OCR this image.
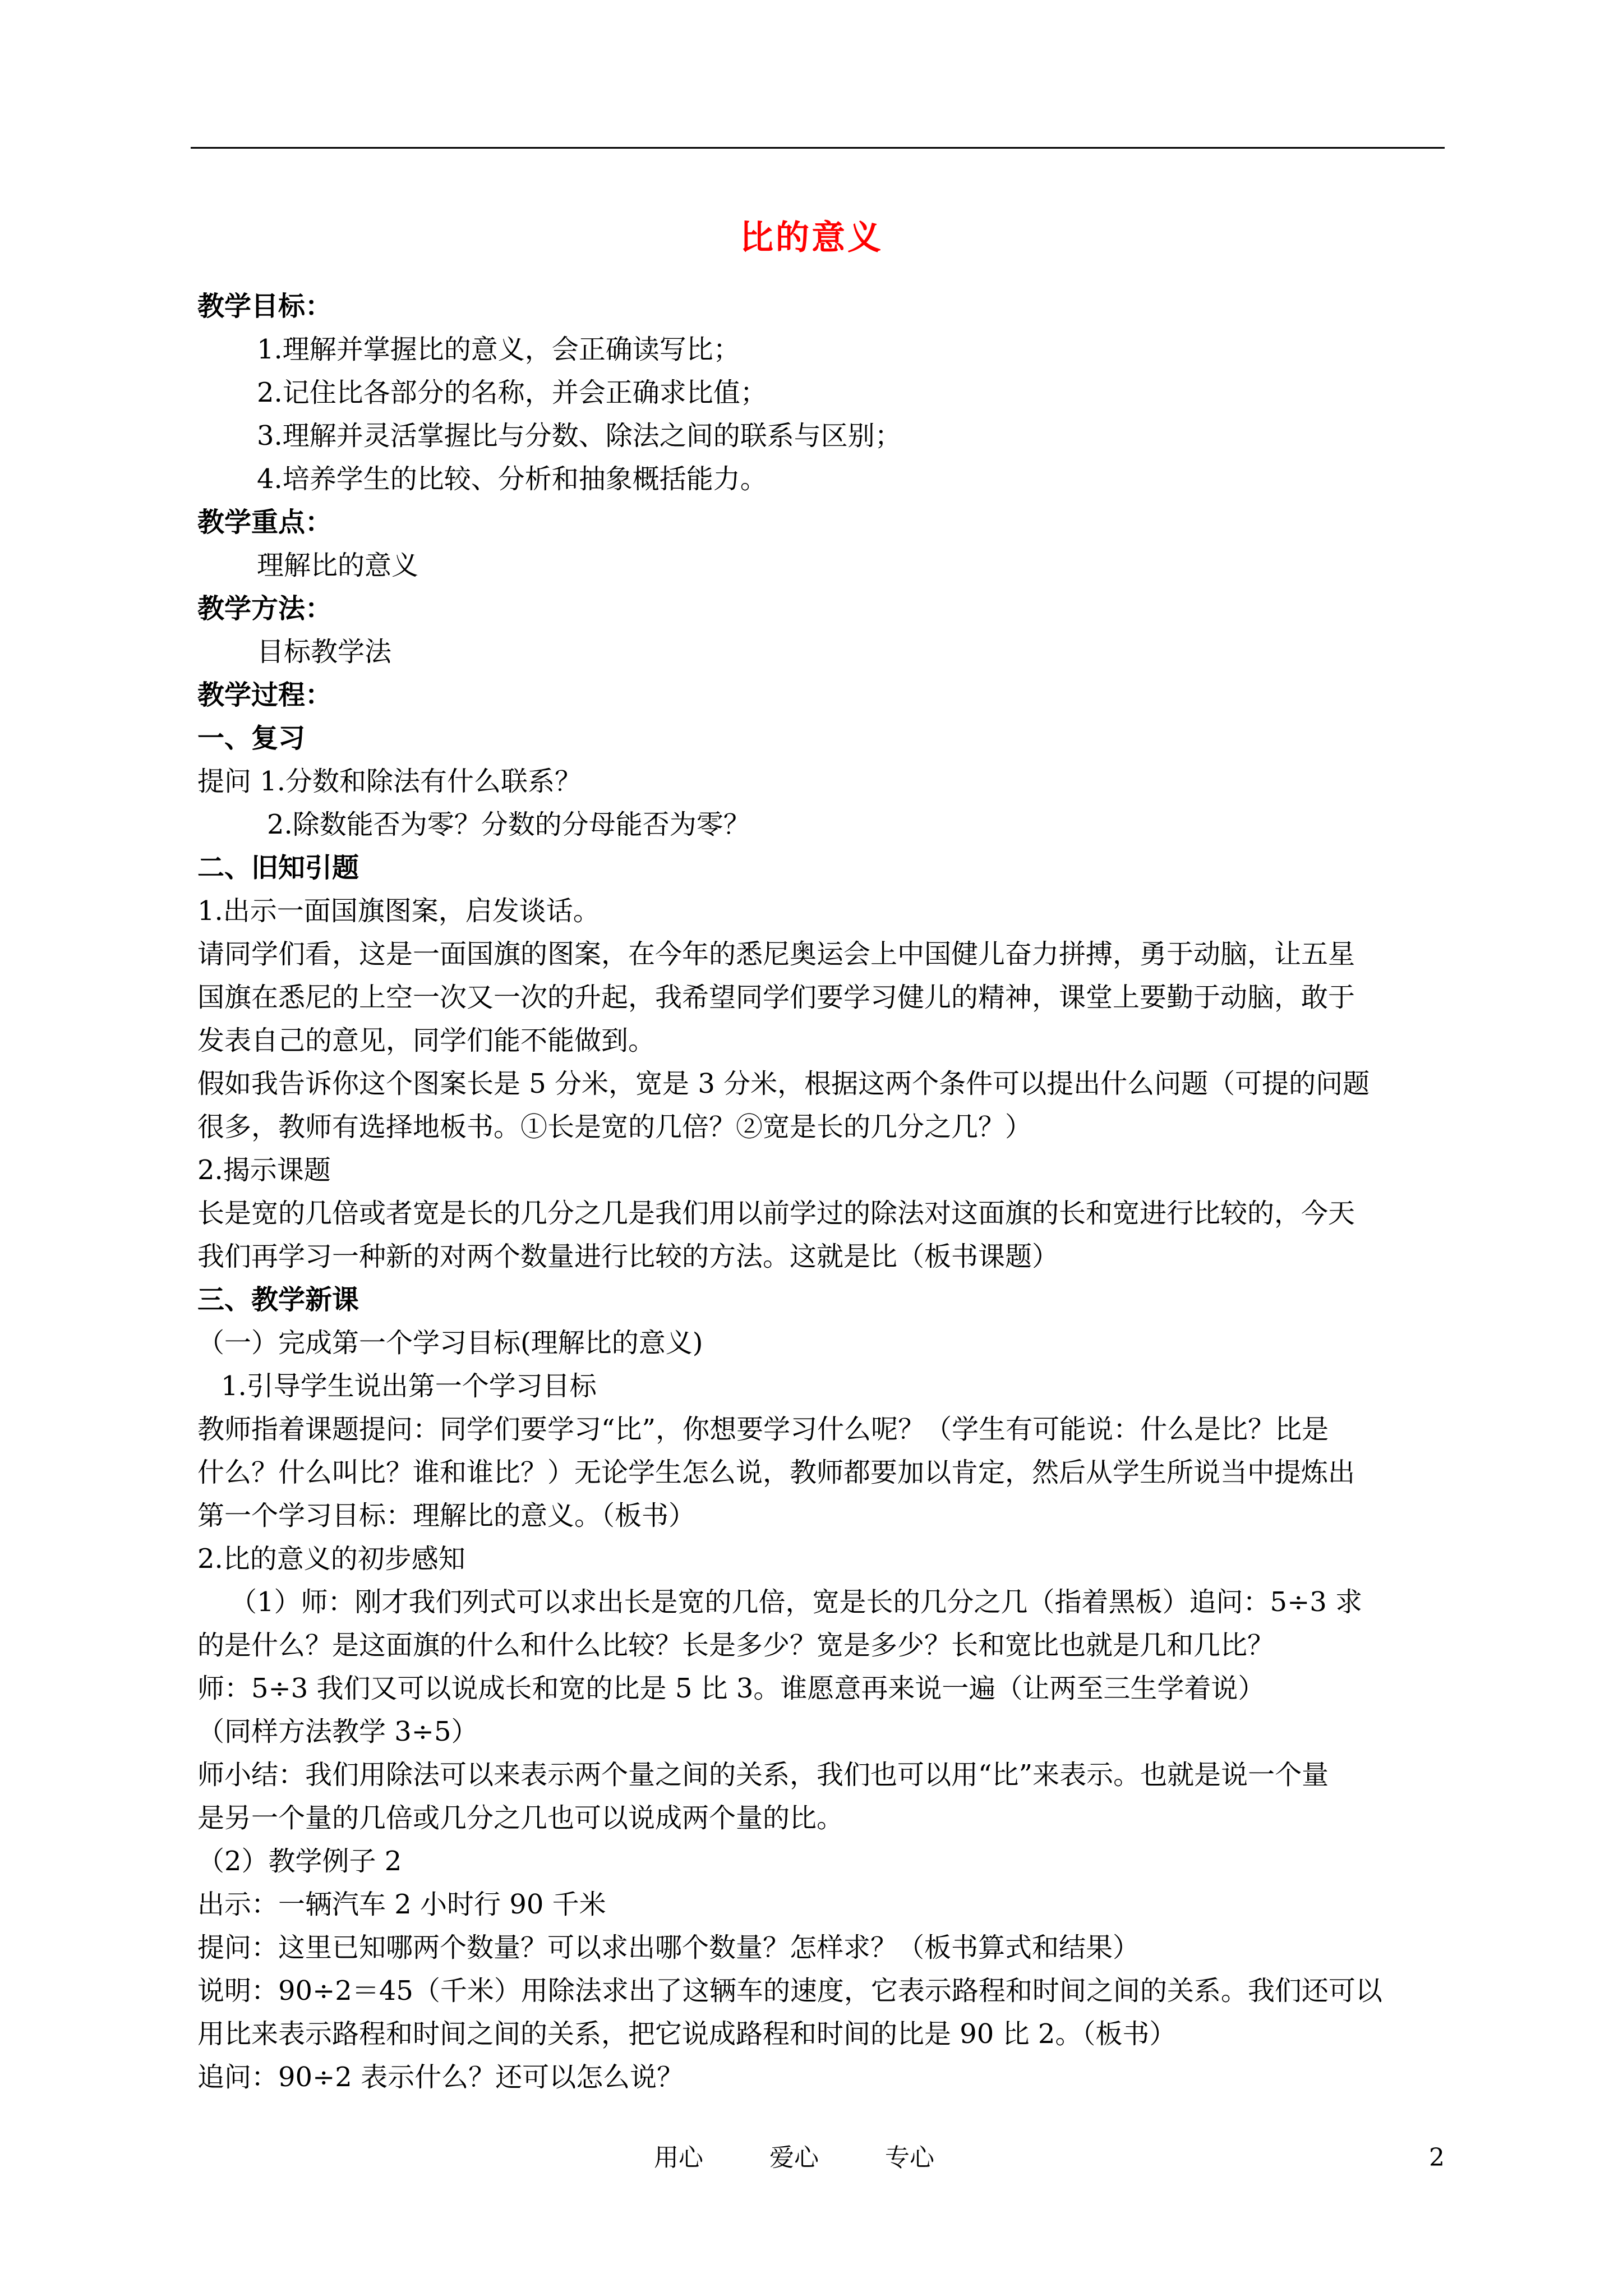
比的意义
教学目标：
1.理解并掌握比的意义，会正确读写比；
2.记住比各部分的名称，并会正确求比值；
3.理解并灵活掌握比与分数、除法之间的联系与区别；
4.培养学生的比较、分析和抽象概括能力。
教学重点：
理解比的意义
教学方法：
目标教学法
教学过程：
一、复习
提问 1.分数和除法有什么联系？
2.除数能否为零？分数的分母能否为零？
二、旧知引题
1.出示一面国旗图案，启发谈话。
请同学们看，这是一面国旗的图案，在今年的悉尼奥运会上中国健儿奋力拼搏，勇于动脑，让五星
国旗在悉尼的上空一次又一次的升起，我希望同学们要学习健儿的精神，课堂上要勤于动脑，敢于
发表自己的意见，同学们能不能做到。
假如我告诉你这个图案长是 5 分米，宽是 3 分米，根据这两个条件可以提出什么问题（可提的问题
很多，教师有选择地板书。①长是宽的几倍？②宽是长的几分之几？）
2.揭示课题
长是宽的几倍或者宽是长的几分之几是我们用以前学过的除法对这面旗的长和宽进行比较的，今天
我们再学习一种新的对两个数量进行比较的方法。这就是比（板书课题）
三、教学新课
（一）完成第一个学习目标(理解比的意义)
1.引导学生说出第一个学习目标
教师指着课题提问：同学们要学习“比”，你想要学习什么呢？（学生有可能说：什么是比？比是
什么？什么叫比？谁和谁比？）无论学生怎么说，教师都要加以肯定，然后从学生所说当中提炼出
第一个学习目标：理解比的意义。（板书）
2.比的意义的初步感知
（1）师：刚才我们列式可以求出长是宽的几倍，宽是长的几分之几（指着黑板）追问：5÷3 求
的是什么？是这面旗的什么和什么比较？长是多少？宽是多少？长和宽比也就是几和几比？
师：5÷3 我们又可以说成长和宽的比是 5 比 3。谁愿意再来说一遍（让两至三生学着说）
（同样方法教学 3÷5）
师小结：我们用除法可以来表示两个量之间的关系，我们也可以用“比”来表示。也就是说一个量
是另一个量的几倍或几分之几也可以说成两个量的比。
（2）教学例子 2
出示：一辆汽车 2 小时行 90 千米
提问：这里已知哪两个数量？可以求出哪个数量？怎样求？（板书算式和结果）
说明：90÷2＝45（千米）用除法求出了这辆车的速度，它表示路程和时间之间的关系。我们还可以
用比来表示路程和时间之间的关系，把它说成路程和时间的比是 90 比 2。（板书）
追问：90÷2 表示什么？还可以怎么说？
用心	爱心	专心	2
